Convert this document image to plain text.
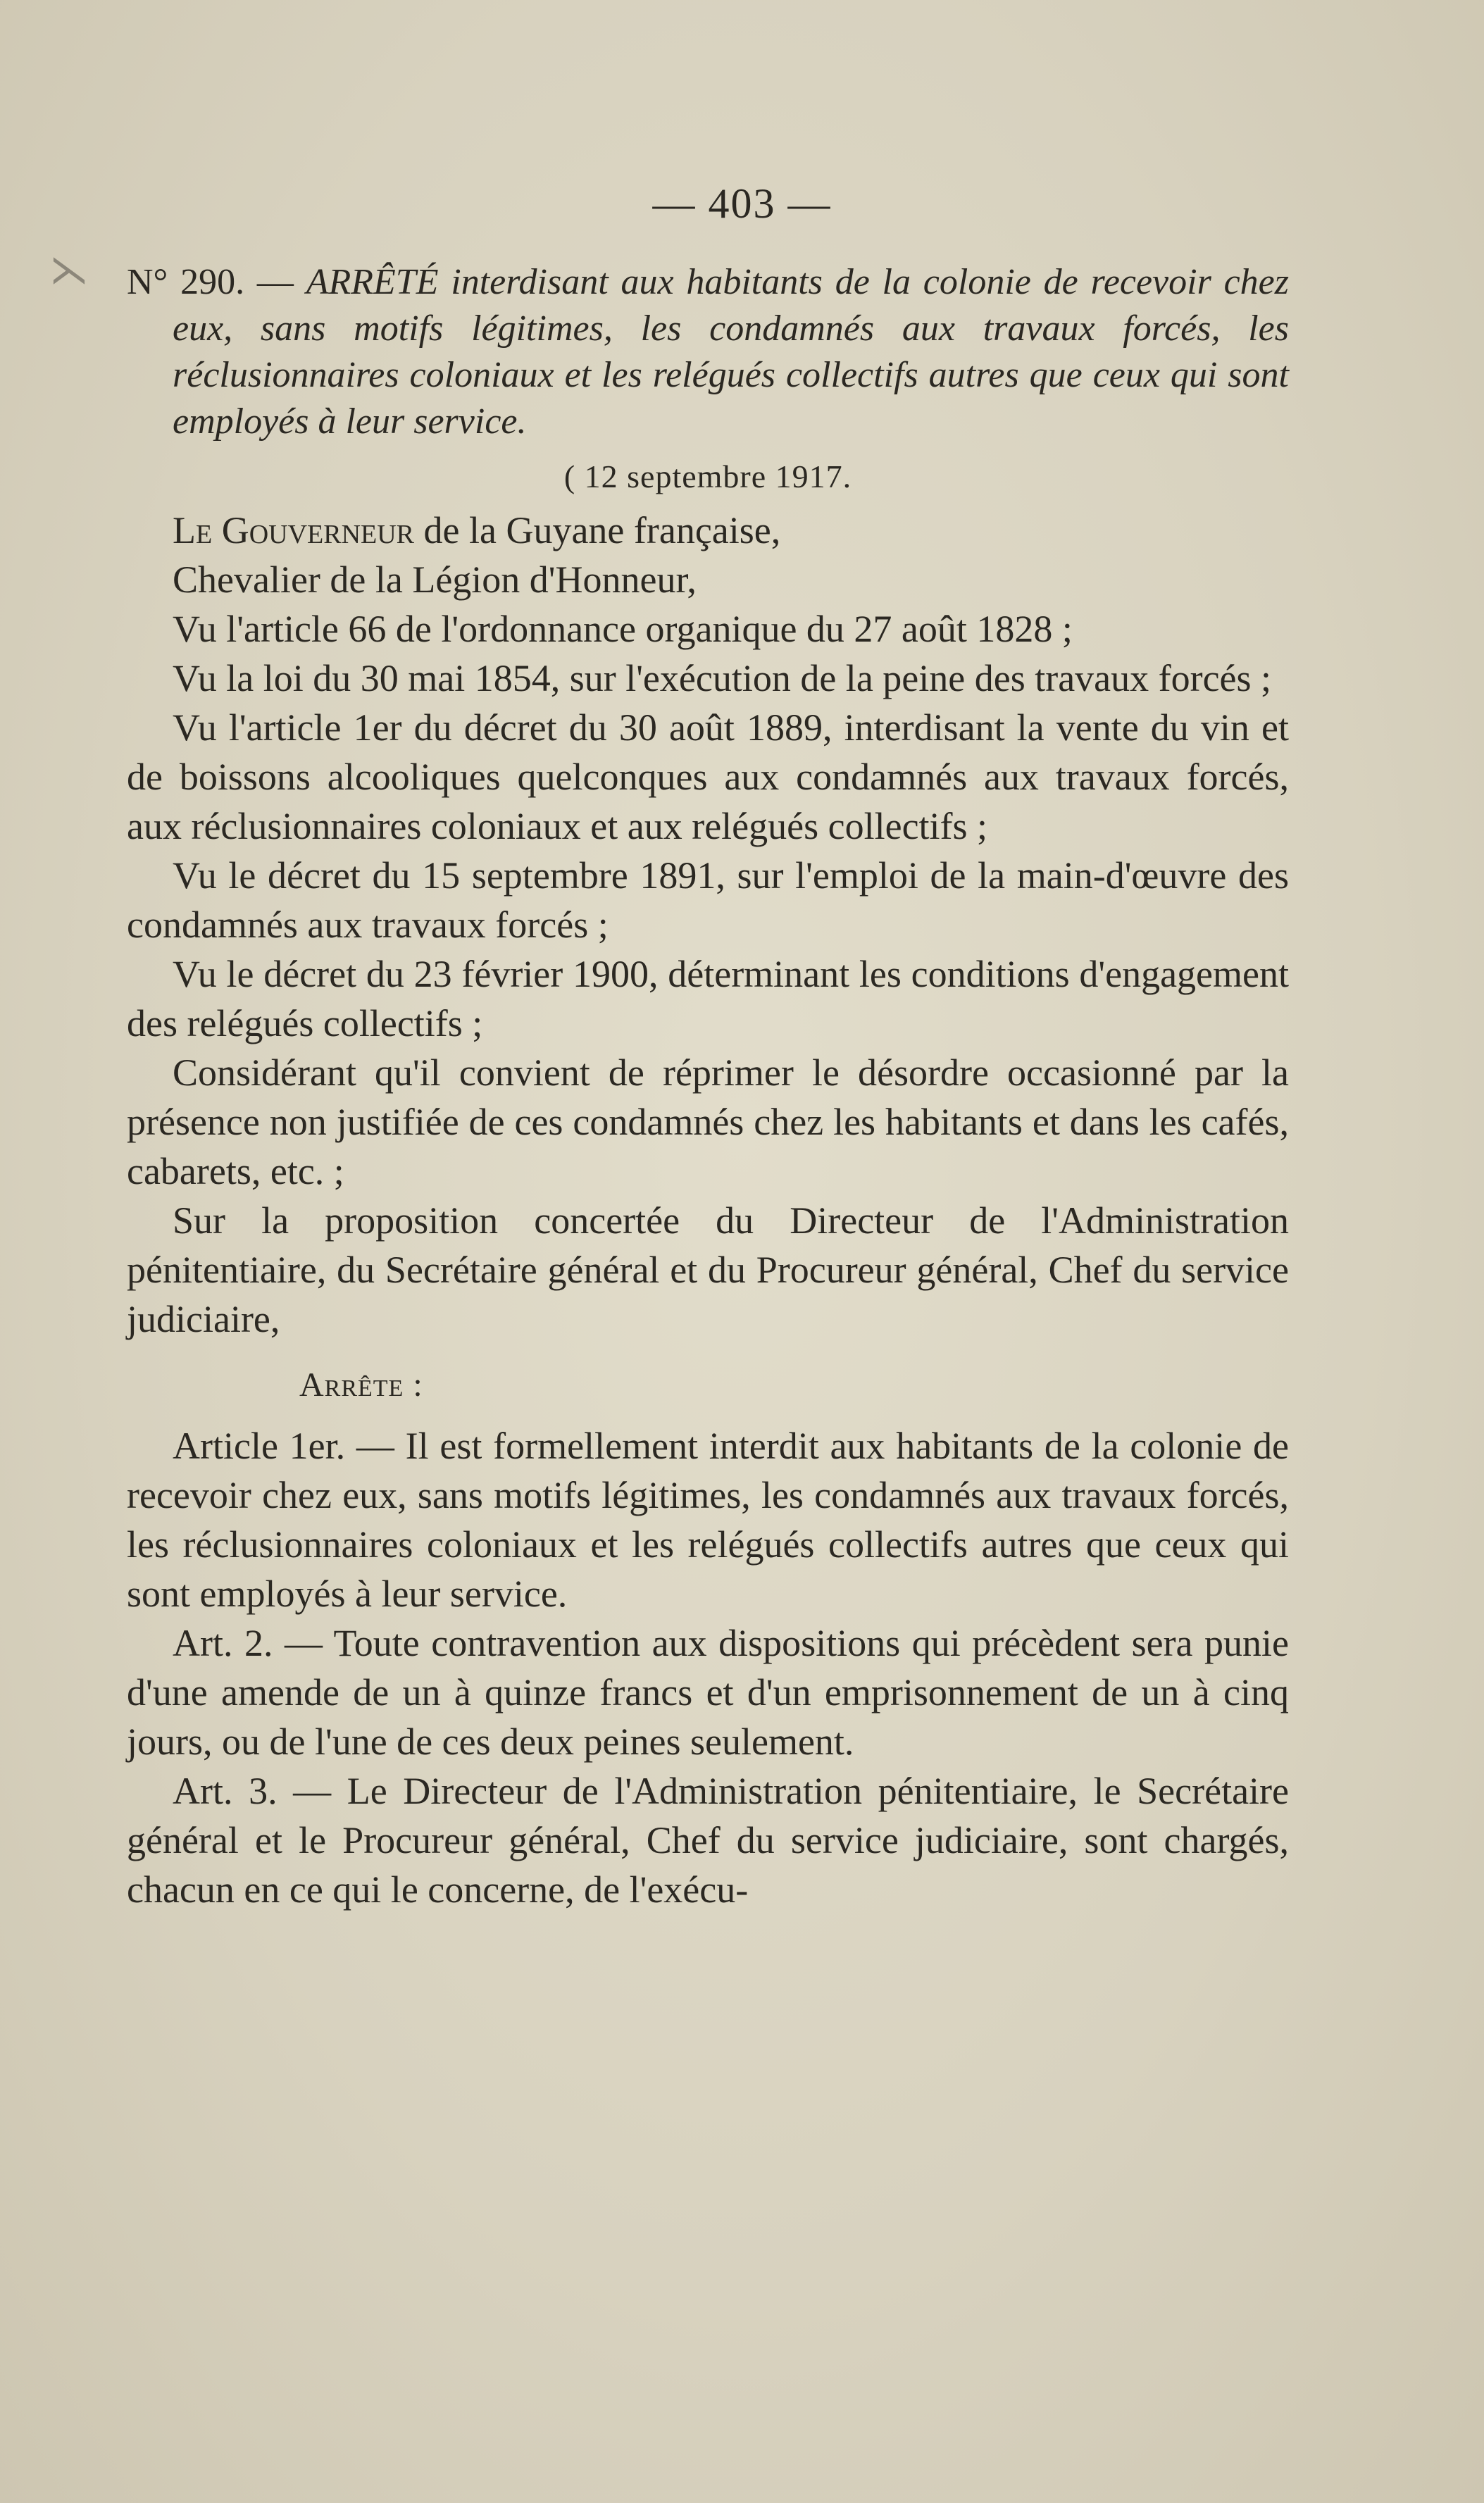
⋋
— 403 —

N° 290. — ARRÊTÉ interdisant aux habitants de la colonie de recevoir chez eux, sans motifs légitimes, les condamnés aux travaux forcés, les réclusionnaires coloniaux et les relégués collectifs autres que ceux qui sont employés à leur service.

( 12 septembre 1917.
Le Gouverneur de la Guyane française,
Chevalier de la Légion d'Honneur,

Vu l'article 66 de l'ordonnance organique du 27 août 1828 ;

Vu la loi du 30 mai 1854, sur l'exécution de la peine des travaux forcés ;

Vu l'article 1er du décret du 30 août 1889, interdisant la vente du vin et de boissons alcooliques quelconques aux condamnés aux travaux forcés, aux réclusionnaires coloniaux et aux relégués collectifs ;

Vu le décret du 15 septembre 1891, sur l'emploi de la main-d'œuvre des condamnés aux travaux forcés ;

Vu le décret du 23 février 1900, déterminant les conditions d'engagement des relégués collectifs ;

Considérant qu'il convient de réprimer le désordre occasionné par la présence non justifiée de ces condamnés chez les habitants et dans les cafés, cabarets, etc. ;

Sur la proposition concertée du Directeur de l'Administration pénitentiaire, du Secrétaire général et du Procureur général, Chef du service judiciaire,

Arrête :

Article 1er. — Il est formellement interdit aux habitants de la colonie de recevoir chez eux, sans motifs légitimes, les condamnés aux travaux forcés, les réclusionnaires coloniaux et les relégués collectifs autres que ceux qui sont employés à leur service.

Art. 2. — Toute contravention aux dispositions qui précèdent sera punie d'une amende de un à quinze francs et d'un emprisonnement de un à cinq jours, ou de l'une de ces deux peines seulement.

Art. 3. — Le Directeur de l'Administration pénitentiaire, le Secrétaire général et le Procureur général, Chef du service judiciaire, sont chargés, chacun en ce qui le concerne, de l'exécu-
